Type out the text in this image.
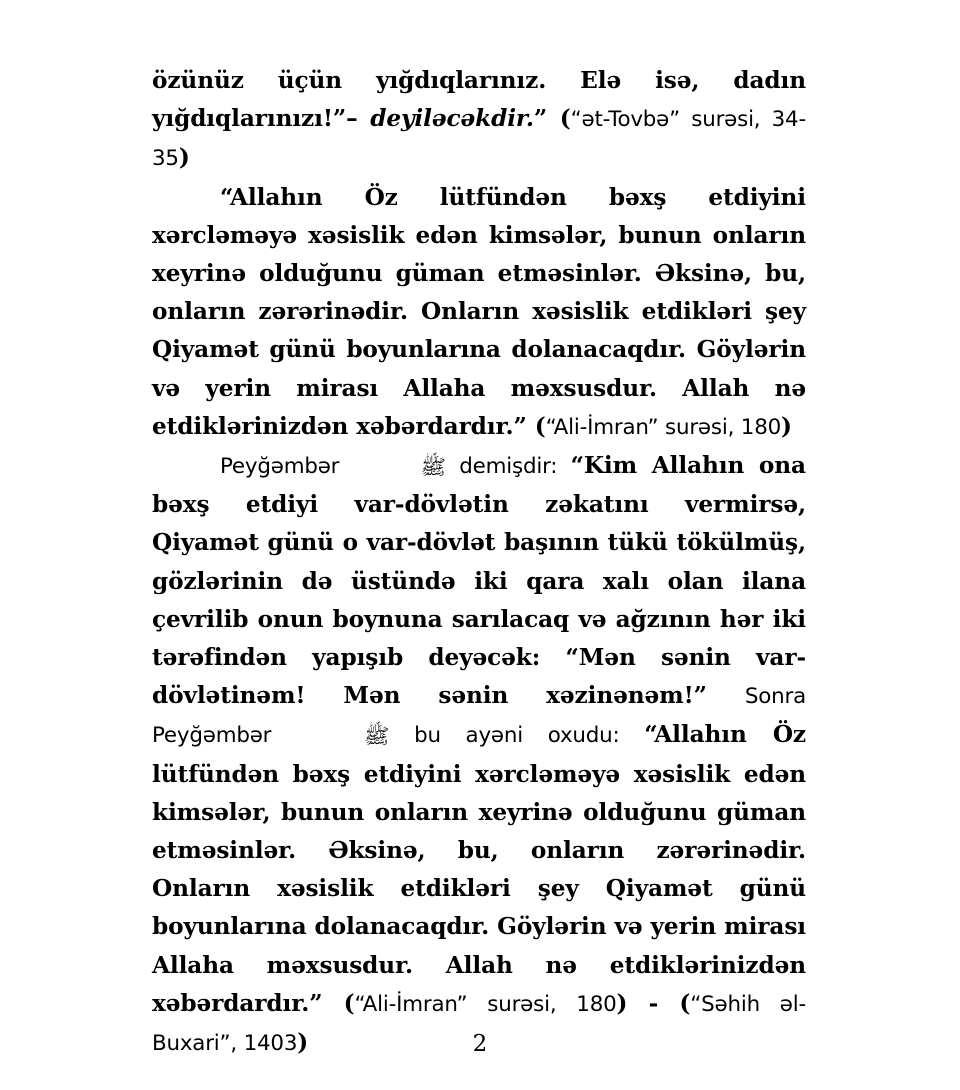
özünüz üçün yığdıqlarınız. Elə isə, dadın yığdıqlarınızı!”– deyiləcəkdir.” (“ət-Tovbə” surəsi, 34-35)

“Allahın Öz lütfündən bəxş etdiyini xərcləməyə xəsislik edən kimsələr, bunun onların xeyrinə olduğunu güman etməsinlər. Əksinə, bu, onların zərərinədir. Onların xəsislik etdikləri şey Qiyamət günü boyunlarına dolanacaqdır. Göylərin və yerin mirası Allaha məxsusdur. Allah nə etdiklərinizdən xəbərdardır.” (“Ali-İmran” surəsi, 180)

Peyğəmbər	ﷺ demişdir: “Kim Allahın ona bəxş etdiyi var-dövlətin zəkatını vermirsə, Qiyamət günü o var-dövlət başının tükü tökülmüş, gözlərinin də üstündə iki qara xalı olan ilana çevrilib onun boynuna sarılacaq və ağzının hər iki tərəfindən yapışıb deyəcək: “Mən sənin var-dövlətinəm! Mən sənin xəzinənəm!” Sonra Peyğəmbər	ﷺ bu ayəni oxudu: “Allahın Öz lütfündən bəxş etdiyini xərcləməyə xəsislik edən kimsələr, bunun onların xeyrinə olduğunu güman etməsinlər. Əksinə, bu, onların zərərinədir. Onların xəsislik etdikləri şey Qiyamət günü boyunlarına dolanacaqdır. Göylərin və yerin mirası Allaha məxsusdur. Allah nə etdiklərinizdən xəbərdardır.” (“Ali-İmran” surəsi, 180) - (“Səhih əl-Buxari”, 1403)	2
